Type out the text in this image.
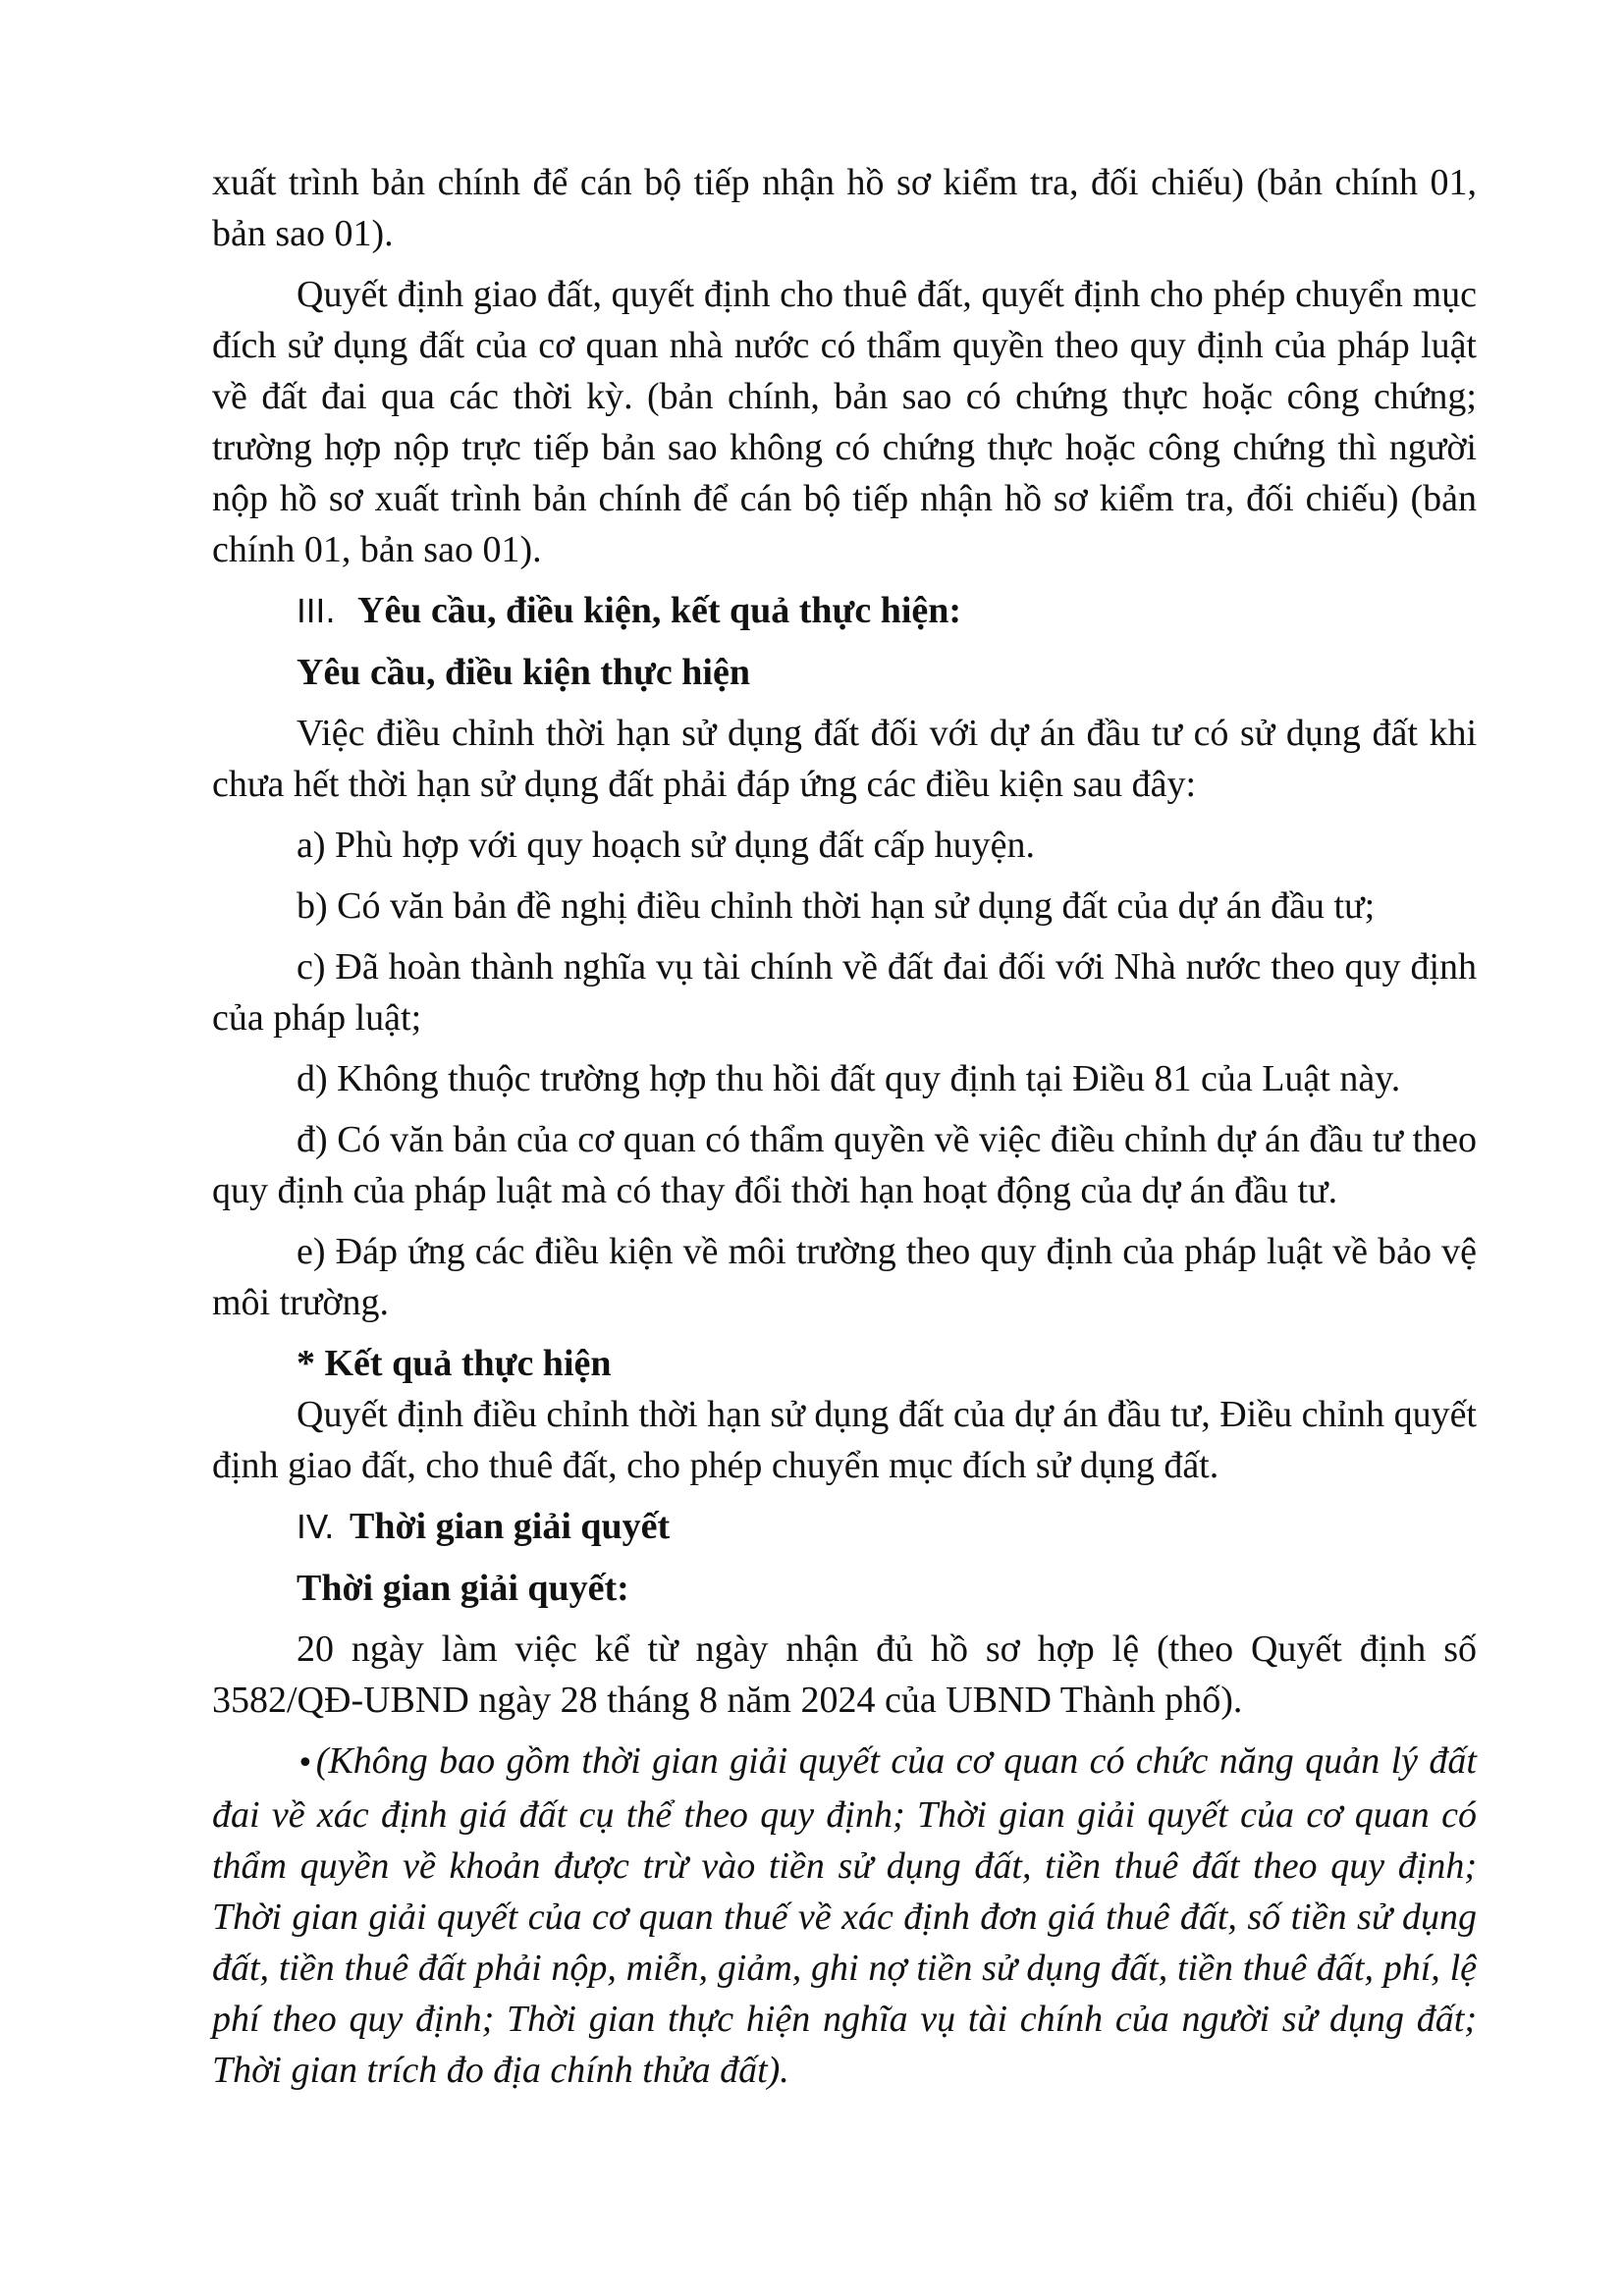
xuất trình bản chính để cán bộ tiếp nhận hồ sơ kiểm tra, đối chiếu) (bản chính 01, bản sao 01).

Quyết định giao đất, quyết định cho thuê đất, quyết định cho phép chuyển mục đích sử dụng đất của cơ quan nhà nước có thẩm quyền theo quy định của pháp luật về đất đai qua các thời kỳ. (bản chính, bản sao có chứng thực hoặc công chứng; trường hợp nộp trực tiếp bản sao không có chứng thực hoặc công chứng thì người nộp hồ sơ xuất trình bản chính để cán bộ tiếp nhận hồ sơ kiểm tra, đối chiếu) (bản chính 01, bản sao 01).

III. Yêu cầu, điều kiện, kết quả thực hiện:

Yêu cầu, điều kiện thực hiện

Việc điều chỉnh thời hạn sử dụng đất đối với dự án đầu tư có sử dụng đất khi chưa hết thời hạn sử dụng đất phải đáp ứng các điều kiện sau đây:

a) Phù hợp với quy hoạch sử dụng đất cấp huyện.

b) Có văn bản đề nghị điều chỉnh thời hạn sử dụng đất của dự án đầu tư;

c) Đã hoàn thành nghĩa vụ tài chính về đất đai đối với Nhà nước theo quy định của pháp luật;

d) Không thuộc trường hợp thu hồi đất quy định tại Điều 81 của Luật này.

đ) Có văn bản của cơ quan có thẩm quyền về việc điều chỉnh dự án đầu tư theo quy định của pháp luật mà có thay đổi thời hạn hoạt động của dự án đầu tư.

e) Đáp ứng các điều kiện về môi trường theo quy định của pháp luật về bảo vệ môi trường.

* Kết quả thực hiện

Quyết định điều chỉnh thời hạn sử dụng đất của dự án đầu tư, Điều chỉnh quyết định giao đất, cho thuê đất, cho phép chuyển mục đích sử dụng đất.

IV. Thời gian giải quyết

Thời gian giải quyết:

20 ngày làm việc kể từ ngày nhận đủ hồ sơ hợp lệ (theo Quyết định số 3582/QĐ-UBND ngày 28 tháng 8 năm 2024 của UBND Thành phố).

•(Không bao gồm thời gian giải quyết của cơ quan có chức năng quản lý đất đai về xác định giá đất cụ thể theo quy định; Thời gian giải quyết của cơ quan có thẩm quyền về khoản được trừ vào tiền sử dụng đất, tiền thuê đất theo quy định; Thời gian giải quyết của cơ quan thuế về xác định đơn giá thuê đất, số tiền sử dụng đất, tiền thuê đất phải nộp, miễn, giảm, ghi nợ tiền sử dụng đất, tiền thuê đất, phí, lệ phí theo quy định; Thời gian thực hiện nghĩa vụ tài chính của người sử dụng đất; Thời gian trích đo địa chính thửa đất).
